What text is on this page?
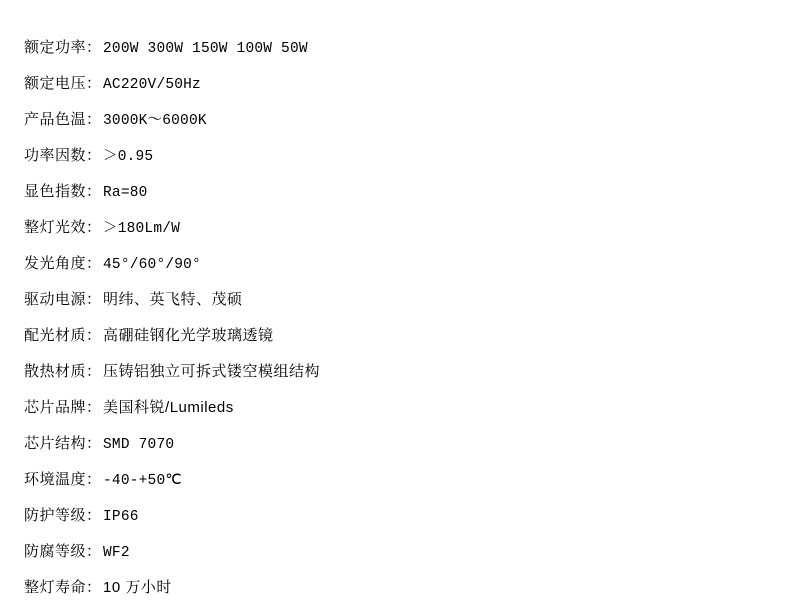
额定功率 ： 200W 300W 150W 100W 50W
额定电压 ： AC220V/50Hz
产品色温 ： 3000K～6000K
功率因数 ： ＞0.95
显色指数 ： Ra=80
整灯光效 ： ＞180Lm/W
发光角度 ： 45°/60°/90°
驱动电源 ： 明纬、英飞特、茂硕
配光材质 ： 高硼硅钢化光学玻璃透镜
散热材质 ： 压铸铝独立可拆式镂空模组结构
芯片品牌 ： 美国科锐/Lumileds
芯片结构 ： SMD 7070
环境温度 ： -40-+50℃
防护等级 ： IP66
防腐等级 ： WF2
整灯寿命 ： 10 万小时
